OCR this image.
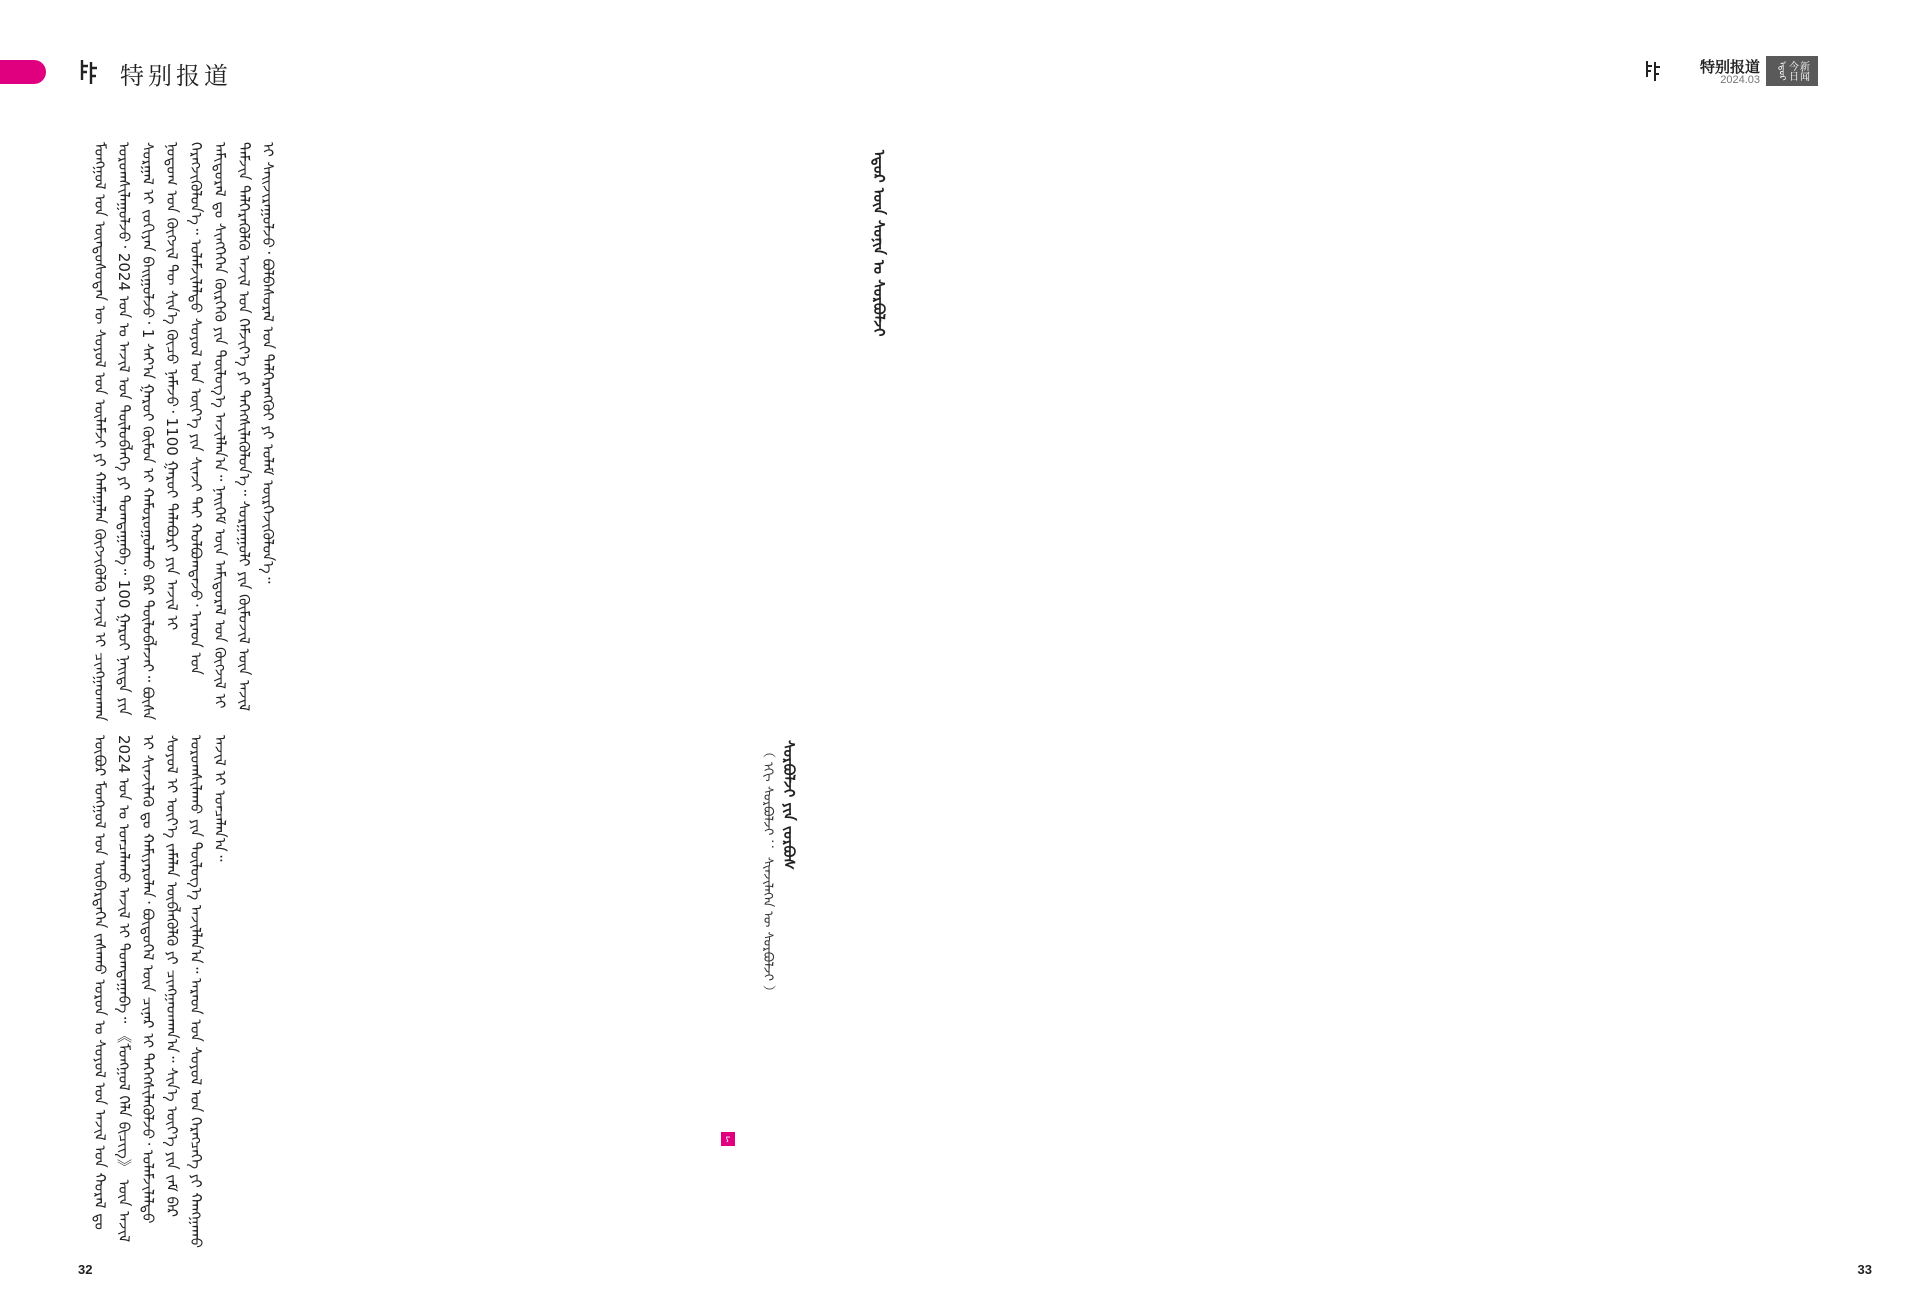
特别报道
ᠡᠳᠦᠷ ᠦᠨ ᠰᠣᠨᠢᠨ ᠤ ᠰᠤᠷᠪᠤᠯᠵᠢ
ᠮᠣᠩᠭᠣᠯ ᠤᠨ ᠦᠨᠳᠦᠰᠦᠲᠡᠨ ᠦ ᠰᠣᠶᠤᠯ ᠤᠨ ᠦᠯᠡᠮᠵᠢ ᠶᠢ ᠬᠠᠮᠠᠭᠠᠯᠠᠨ ᠬᠥᠭᠵᠢᠭᠦᠯᠬᠦ ᠠᠵᠢᠯ ᠢ ᠴᠢᠩᠭᠠᠳᠬᠠᠨ ᠤᠷᠤᠭᠰᠢᠯᠠᠭᠤᠯᠵᠤ᠂ 2024 ᠣᠨ ᠤ ᠠᠵᠢᠯ ᠤᠨ ᠲᠥᠯᠥᠪᠯᠡᠭᠡ ᠶᠢ ᠲᠣᠭᠲᠠᠭᠠᠪᠠ᠃ 100 ᠭᠠᠷᠤᠢ ᠨᠡᠢᠲᠡ ᠶᠢᠨ ᠰᠤᠷᠭᠠᠯ ᠢ ᠵᠣᠬᠢᠶᠠᠨ ᠪᠠᠢᠭᠤᠯᠵᠤ᠂ 1 ᠰᠠᠶ᠎ᠠ ᠭᠠᠷᠤᠢ ᠬᠦᠮᠦᠨ ᠢ ᠬᠠᠮᠤᠷᠤᠭᠤᠯᠬᠤ ᠪᠠᠷ ᠲᠥᠯᠥᠪᠯᠡᠵᠡᠢ᠃ ᠪᠦᠰᠡ ᠨᠤᠲᠤᠭ ᠤᠨ ᠬᠥᠭᠵᠢᠯ ᠲᠦ ᠰᠢᠨ᠎ᠡ ᠬᠦᠴᠦ ᠨᠡᠮᠡᠵᠦ᠂ 1100 ᠭᠠᠷᠤᠢ ᠲᠠᠯᠠᠪᠤᠷᠢ ᠶᠢᠨ ᠠᠵᠢᠯ ᠢ ᠬᠡᠷᠡᠭᠵᠢᠭᠦᠯᠦᠨ᠎ᠡ᠃ ᠤᠯᠠᠮᠵᠢᠯᠠᠯᠲᠤ ᠰᠣᠶᠤᠯ ᠤᠨ ᠦᠶ᠎ᠡ ᠶᠢᠨ ᠰᠢᠨᠵᠢ ᠲᠡᠢ ᠬᠣᠯᠪᠣᠭᠳᠠᠵᠤ᠂ ᠠᠷᠠᠳ ᠤᠨ ᠠᠮᠢᠳᠤᠷᠠᠯ ᠳᠤ ᠰᠢᠩᠭᠡᠭᠡᠨ ᠬᠦᠷᠭᠡᠬᠦ ᠶᠢᠨ ᠲᠥᠯᠥᠭ᠎ᠡ ᠠᠵᠢᠯᠯᠠᠨ᠎ᠠ᠃ ᠨᠡᠢᠭᠡᠮ ᠦᠨ ᠠᠮᠢᠳᠤᠷᠠᠯ ᠤᠨ ᠬᠥᠭᠵᠢᠯ ᠢ ᠳᠡᠮᠵᠢᠨ ᠲᠡᠯᠭᠡᠷᠡᠭᠦᠯᠬᠦ ᠠᠵᠢᠯ ᠤᠨ ᠬᠡᠮᠵᠢᠶ᠎ᠡ ᠶᠢ ᠳᠡᠭᠡᠭᠰᠢᠯᠡᠭᠦᠯᠦᠨ᠎ᠡ᠃ ᠰᠤᠷᠭᠠᠭᠤᠯᠢ ᠶᠢᠨ ᠬᠦᠮᠦᠵᠢᠯ ᠦᠨ ᠠᠵᠢᠯ ᠢ ᠰᠠᠢᠵᠢᠷᠠᠭᠤᠯᠵᠤ᠂ ᠪᠣᠯᠪᠠᠰᠤᠷᠠᠯ ᠤᠨ ᠳᠡᠯᠭᠡᠷᠡᠩᠭᠦᠢ ᠶᠢ ᠤᠯᠠᠮ ᠥᠷᠭᠡᠵᠢᠭᠦᠯᠦᠨ᠎ᠡ᠃
ᠰᠤᠷᠪᠤᠯᠵᠢ ᠶᠢᠨ ᠵᠤᠷᠪᠤᠰ
（ ᠡᠬᠢ ᠰᠤᠷᠪᠤᠯᠵᠢ ： ᠰᠢᠨᠵᠢᠯᠡᠭᠡᠨ ᠦ ᠰᠤᠷᠪᠤᠯᠵᠢ ）
ᠥᠪᠥᠷ ᠮᠣᠩᠭᠣᠯ ᠤᠨ ᠥᠪᠡᠷᠲᠡᠭᠡᠨ ᠵᠠᠰᠠᠬᠤ ᠣᠷᠤᠨ ᠤ ᠰᠣᠶᠤᠯ ᠤᠨ ᠠᠵᠢᠯ ᠤᠨ ᠬᠤᠷᠠᠯ ᠳᠤ 2024 ᠣᠨ ᠤ ᠣᠨᠴᠠᠯᠠᠬᠤ ᠠᠵᠢᠯ ᠢ ᠲᠣᠭᠲᠠᠭᠠᠪᠠ᠃ 《ᠮᠣᠩᠭᠣᠯ ᠬᠡᠯᠡ ᠪᠢᠴᠢᠭ》 ᠦᠨ ᠠᠵᠢᠯ ᠢ ᠰᠢᠨᠵᠢᠯᠡᠬᠦ ᠳᠤ ᠬᠠᠮᠢᠶᠠᠷᠤᠯᠠᠨ᠂ ᠪᠦᠲᠦᠭᠡᠯ ᠦᠨ ᠴᠢᠨᠠᠷ ᠢ ᠳᠡᠭᠡᠭᠰᠢᠯᠡᠭᠦᠯᠵᠦ᠂ ᠤᠯᠠᠮᠵᠢᠯᠠᠯᠲᠤ ᠰᠣᠶᠤᠯ ᠢ ᠦᠶ᠎ᠡ ᠵᠠᠮᠠᠯᠠᠨ ᠥᠪᠯᠡᠭᠦᠯᠬᠦ ᠶᠢ ᠴᠢᠩᠭᠠᠳᠬᠠᠨ᠎ᠠ᠃ ᠰᠢᠨ᠎ᠡ ᠦᠶ᠎ᠡ ᠶᠢᠨ ᠵᠠᠮ ᠪᠠᠷ ᠤᠷᠤᠭᠰᠢᠯᠠᠬᠤ ᠶᠢᠨ ᠲᠥᠯᠥᠭ᠎ᠡ ᠠᠵᠢᠯᠯᠠᠨ᠎ᠠ᠃ ᠠᠷᠠᠳ ᠤᠨ ᠰᠣᠶᠤᠯ ᠤᠨ ᠬᠡᠷᠡᠭᠴᠡᠭᠡ ᠶᠢ ᠬᠠᠩᠭᠠᠬᠤ ᠠᠵᠢᠯ ᠢ ᠣᠨᠴᠠᠯᠠᠨ᠎ᠠ᠃
ᠶ
32
特别报道
2024.03 ᠡᠳᠦᠷ 今日 新闻
33
